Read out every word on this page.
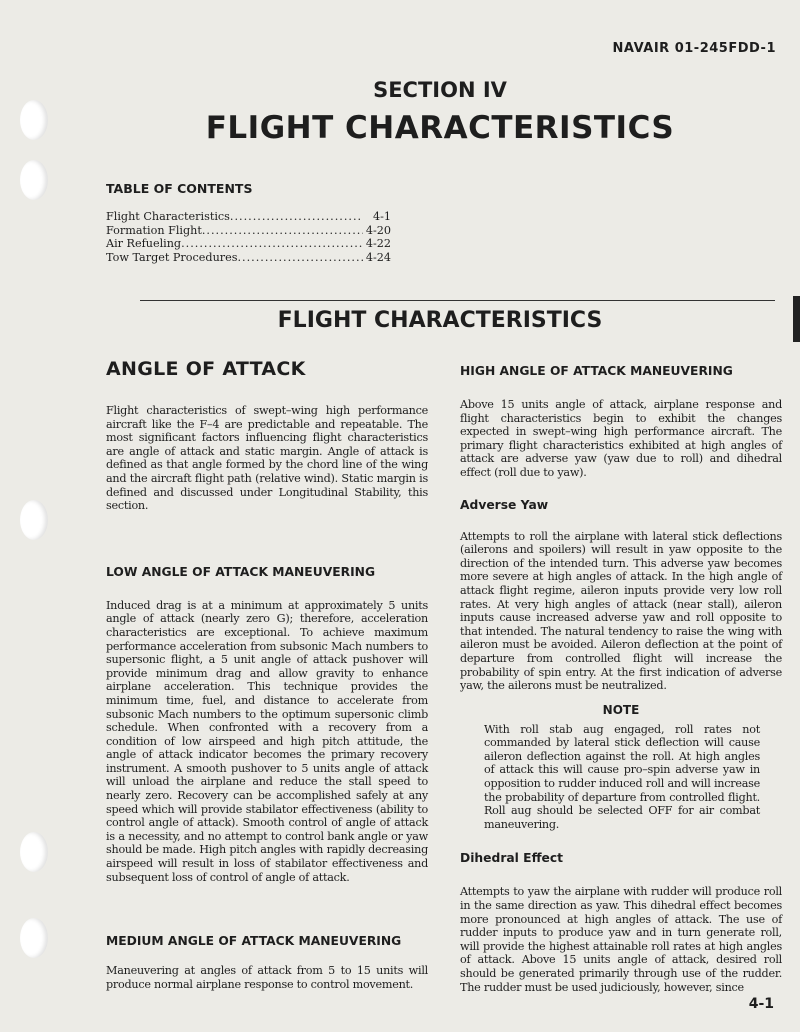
NAVAIR 01-245FDD-1
SECTION IV
FLIGHT CHARACTERISTICS
TABLE OF CONTENTS
Flight Characteristics .....	4-1
Formation Flight .....	4-20
Air Refueling .....	4-22
Tow Target Procedures .....	4-24
FLIGHT CHARACTERISTICS
ANGLE OF ATTACK

Flight characteristics of swept–wing high performance aircraft like the F–4 are predictable and repeatable. The most significant factors influencing flight characteristics are angle of attack and static margin. Angle of attack is defined as that angle formed by the chord line of the wing and the aircraft flight path (relative wind). Static margin is defined and discussed under Longitudinal Stability, this section.

LOW ANGLE OF ATTACK MANEUVERING

Induced drag is at a minimum at approximately 5 units angle of attack (nearly zero G); therefore, acceleration characteristics are exceptional. To achieve maximum performance acceleration from subsonic Mach numbers to supersonic flight, a 5 unit angle of attack pushover will provide minimum drag and allow gravity to enhance airplane acceleration. This technique provides the minimum time, fuel, and distance to accelerate from subsonic Mach numbers to the optimum supersonic climb schedule. When confronted with a recovery from a condition of low airspeed and high pitch attitude, the angle of attack indicator becomes the primary recovery instrument. A smooth pushover to 5 units angle of attack will unload the airplane and reduce the stall speed to nearly zero. Recovery can be accomplished safely at any speed which will provide stabilator effectiveness (ability to control angle of attack). Smooth control of angle of attack is a necessity, and no attempt to control bank angle or yaw should be made. High pitch angles with rapidly decreasing airspeed will result in loss of stabilator effectiveness and subsequent loss of control of angle of attack.

MEDIUM ANGLE OF ATTACK MANEUVERING

Maneuvering at angles of attack from 5 to 15 units will produce normal airplane response to control movement.

HIGH ANGLE OF ATTACK MANEUVERING

Above 15 units angle of attack, airplane response and flight characteristics begin to exhibit the changes expected in swept–wing high performance aircraft. The primary flight characteristics exhibited at high angles of attack are adverse yaw (yaw due to roll) and dihedral effect (roll due to yaw).

Adverse Yaw

Attempts to roll the airplane with lateral stick deflections (ailerons and spoilers) will result in yaw opposite to the direction of the intended turn. This adverse yaw becomes more severe at high angles of attack. In the high angle of attack flight regime, aileron inputs provide very low roll rates. At very high angles of attack (near stall), aileron inputs cause increased adverse yaw and roll opposite to that intended. The natural tendency to raise the wing with aileron must be avoided. Aileron deflection at the point of departure from controlled flight will increase the probability of spin entry. At the first indication of adverse yaw, the ailerons must be neutralized.

NOTE

With roll stab aug engaged, roll rates not commanded by lateral stick deflection will cause aileron deflection against the roll. At high angles of attack this will cause pro–spin adverse yaw in opposition to rudder induced roll and will increase the probability of departure from controlled flight. Roll aug should be selected OFF for air combat maneuvering.

Dihedral Effect

Attempts to yaw the airplane with rudder will produce roll in the same direction as yaw. This dihedral effect becomes more pronounced at high angles of attack. The use of rudder inputs to produce yaw and in turn generate roll, will provide the highest attainable roll rates at high angles of attack. Above 15 units angle of attack, desired roll should be generated primarily through use of the rudder. The rudder must be used judiciously, however, since

4-1
